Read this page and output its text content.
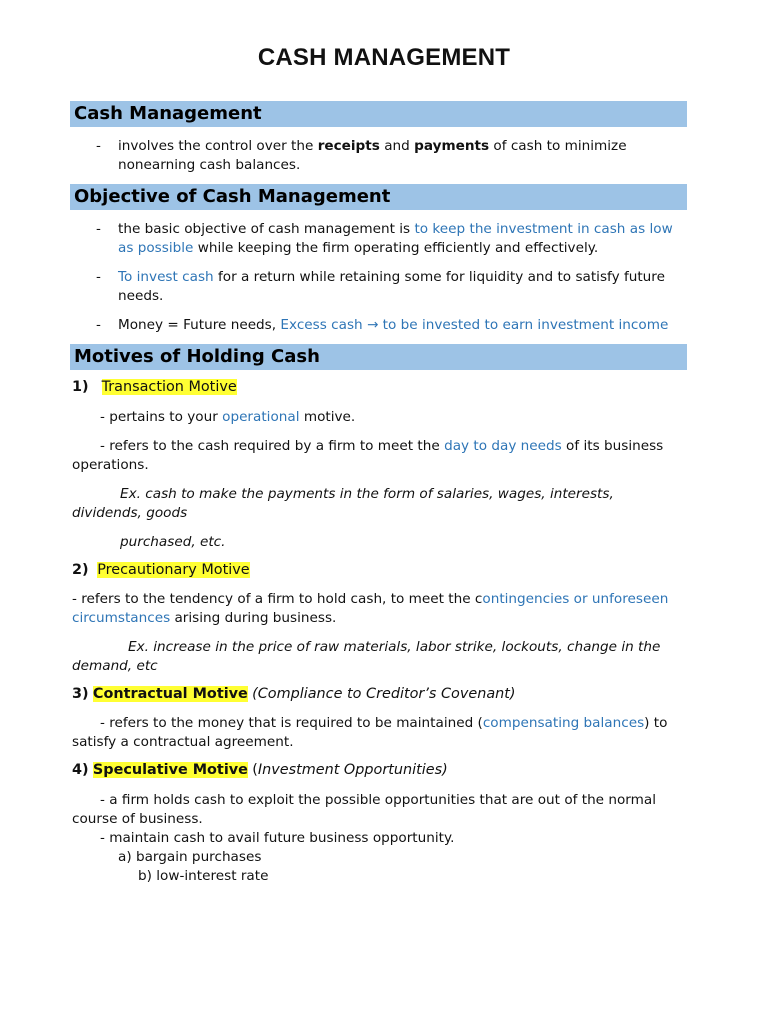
CASH MANAGEMENT
Cash Management
- involves the control over the receipts and payments of cash to minimize nonearning cash balances.
Objective of Cash Management
- the basic objective of cash management is to keep the investment in cash as low as possible while keeping the firm operating efficiently and effectively.
- To invest cash for a return while retaining some for liquidity and to satisfy future needs.
- Money = Future needs, Excess cash → to be invested to earn investment income
Motives of Holding Cash
1) Transaction Motive
- pertains to your operational motive.
- refers to the cash required by a firm to meet the day to day needs of its business
operations.
Ex. cash to make the payments in the form of salaries, wages, interests,
dividends, goods
purchased, etc.
2) Precautionary Motive
- refers to the tendency of a firm to hold cash, to meet the contingencies or unforeseen
circumstances arising during business.
Ex. increase in the price of raw materials, labor strike, lockouts, change in the
demand, etc
3) Contractual Motive (Compliance to Creditor’s Covenant)
- refers to the money that is required to be maintained (compensating balances) to
satisfy a contractual agreement.
4) Speculative Motive (Investment Opportunities)
- a firm holds cash to exploit the possible opportunities that are out of the normal
course of business.
- maintain cash to avail future business opportunity.
a) bargain purchases
b) low-interest rate
